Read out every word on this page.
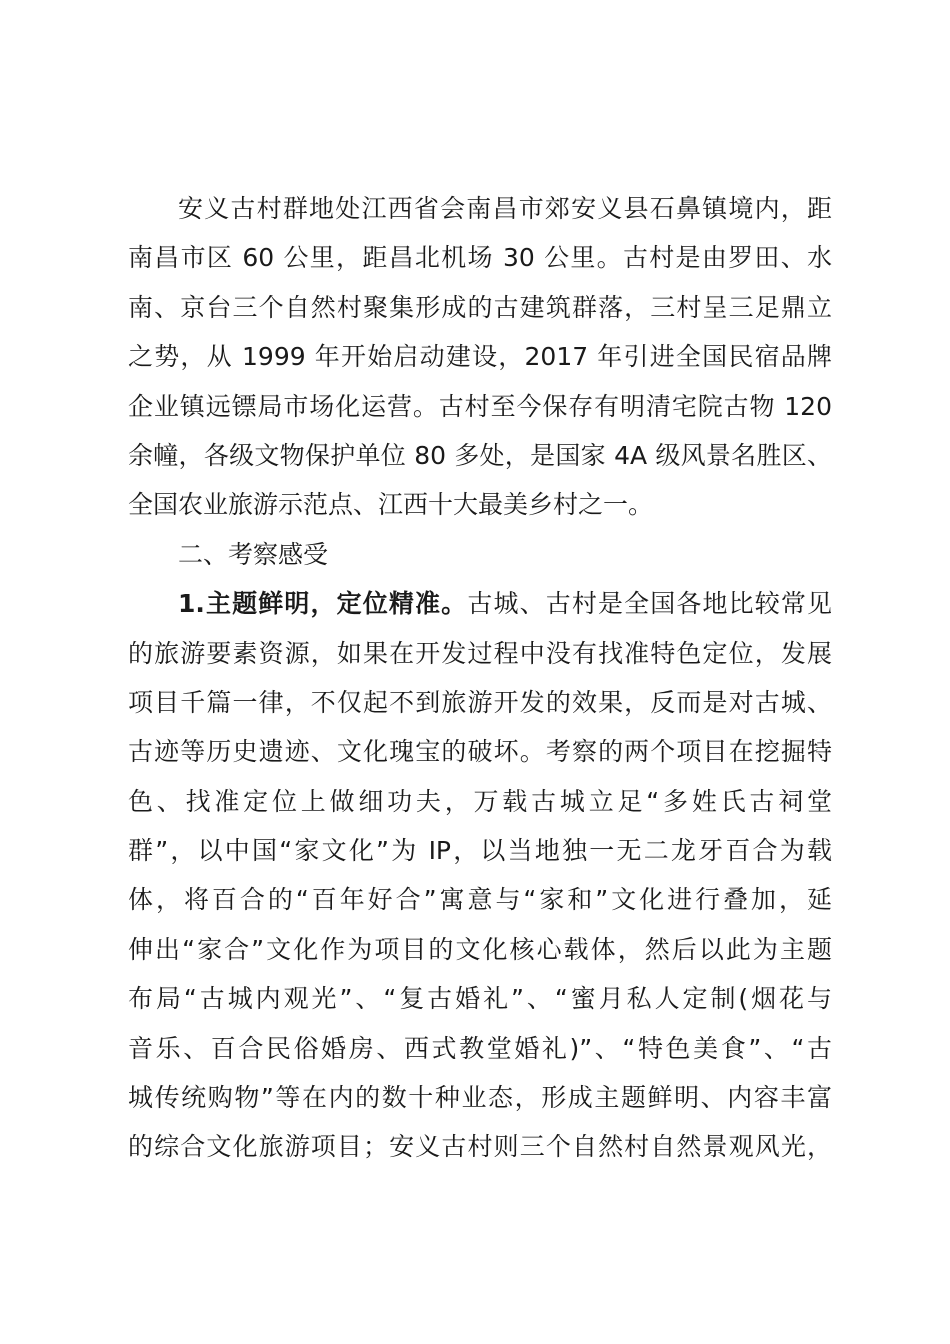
安义古村群地处江西省会南昌市郊安义县石鼻镇境内，距
南昌市区 60 公里，距昌北机场 30 公里。古村是由罗田、水
南、京台三个自然村聚集形成的古建筑群落，三村呈三足鼎立
之势，从 1999 年开始启动建设，2017 年引进全国民宿品牌
企业镇远镖局市场化运营。古村至今保存有明清宅院古物 120
余幢，各级文物保护单位 80 多处，是国家 4A 级风景名胜区、
全国农业旅游示范点、江西十大最美乡村之一。
二、考察感受
1.主题鲜明，定位精准。古城、古村是全国各地比较常见
的旅游要素资源，如果在开发过程中没有找准特色定位，发展
项目千篇一律，不仅起不到旅游开发的效果，反而是对古城、
古迹等历史遗迹、文化瑰宝的破坏。考察的两个项目在挖掘特
色、找准定位上做细功夫，万载古城立足“多姓氏古祠堂
群”，以中国“家文化”为 IP，以当地独一无二龙牙百合为载
体，将百合的“百年好合”寓意与“家和”文化进行叠加，延
伸出“家合”文化作为项目的文化核心载体，然后以此为主题
布局“古城内观光”、“复古婚礼”、“蜜月私人定制(烟花与
音乐、百合民俗婚房、西式教堂婚礼)”、“特色美食”、“古
城传统购物”等在内的数十种业态，形成主题鲜明、内容丰富
的综合文化旅游项目；安义古村则三个自然村自然景观风光，
